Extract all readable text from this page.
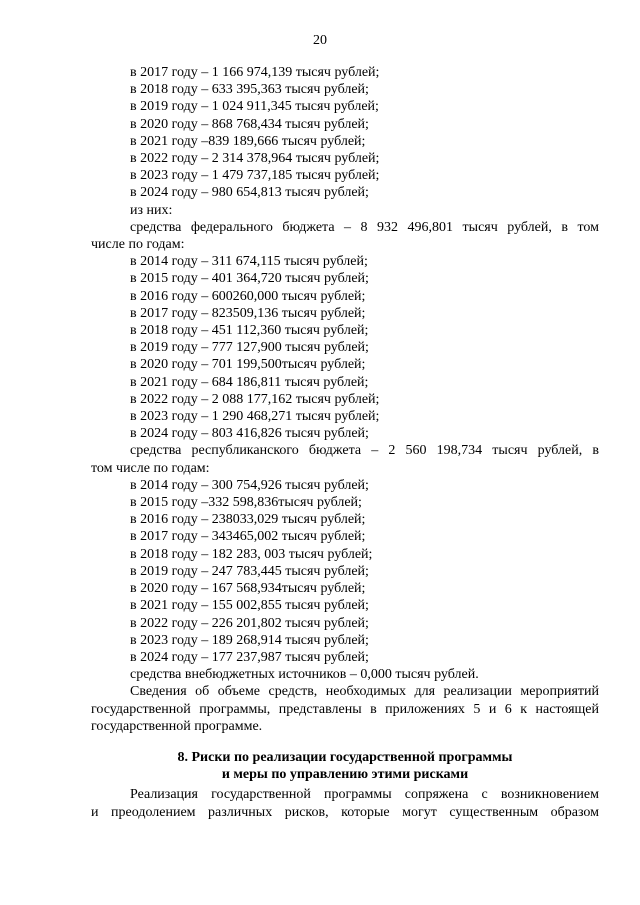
20
в 2017 году – 1 166 974,139 тысяч рублей;
в 2018 году – 633 395,363 тысяч рублей;
в 2019 году – 1 024 911,345 тысяч рублей;
в 2020 году – 868 768,434 тысяч рублей;
в 2021 году –839 189,666 тысяч рублей;
в 2022 году – 2 314 378,964 тысяч рублей;
в 2023 году – 1 479 737,185 тысяч рублей;
в 2024 году – 980 654,813 тысяч рублей;
из них:
средства федерального бюджета – 8 932 496,801 тысяч рублей, в том
числе по годам:
в 2014 году – 311 674,115 тысяч рублей;
в 2015 году – 401 364,720 тысяч рублей;
в 2016 году – 600260,000 тысяч рублей;
в 2017 году – 823509,136 тысяч рублей;
в 2018 году – 451 112,360 тысяч рублей;
в 2019 году – 777 127,900 тысяч рублей;
в 2020 году – 701 199,500тысяч рублей;
в 2021 году – 684 186,811 тысяч рублей;
в 2022 году – 2 088 177,162 тысяч рублей;
в 2023 году – 1 290 468,271 тысяч рублей;
в 2024 году – 803 416,826 тысяч рублей;
средства республиканского бюджета – 2 560 198,734 тысяч рублей, в
том числе по годам:
в 2014 году – 300 754,926 тысяч рублей;
в 2015 году –332 598,836тысяч рублей;
в 2016 году – 238033,029 тысяч рублей;
в 2017 году – 343465,002 тысяч рублей;
в 2018 году – 182 283, 003 тысяч рублей;
в 2019 году – 247 783,445 тысяч рублей;
в 2020 году – 167 568,934тысяч рублей;
в 2021 году – 155 002,855 тысяч рублей;
в 2022 году – 226 201,802 тысяч рублей;
в 2023 году – 189 268,914 тысяч рублей;
в 2024 году – 177 237,987 тысяч рублей;
средства внебюджетных источников – 0,000 тысяч рублей.
Сведения об объеме средств, необходимых для реализации мероприятий
государственной программы, представлены в приложениях 5 и 6 к настоящей
государственной программе.
8. Риски по реализации государственной программы
и меры по управлению этими рисками
Реализация государственной программы сопряжена с возникновением
и преодолением различных рисков, которые могут существенным образом
